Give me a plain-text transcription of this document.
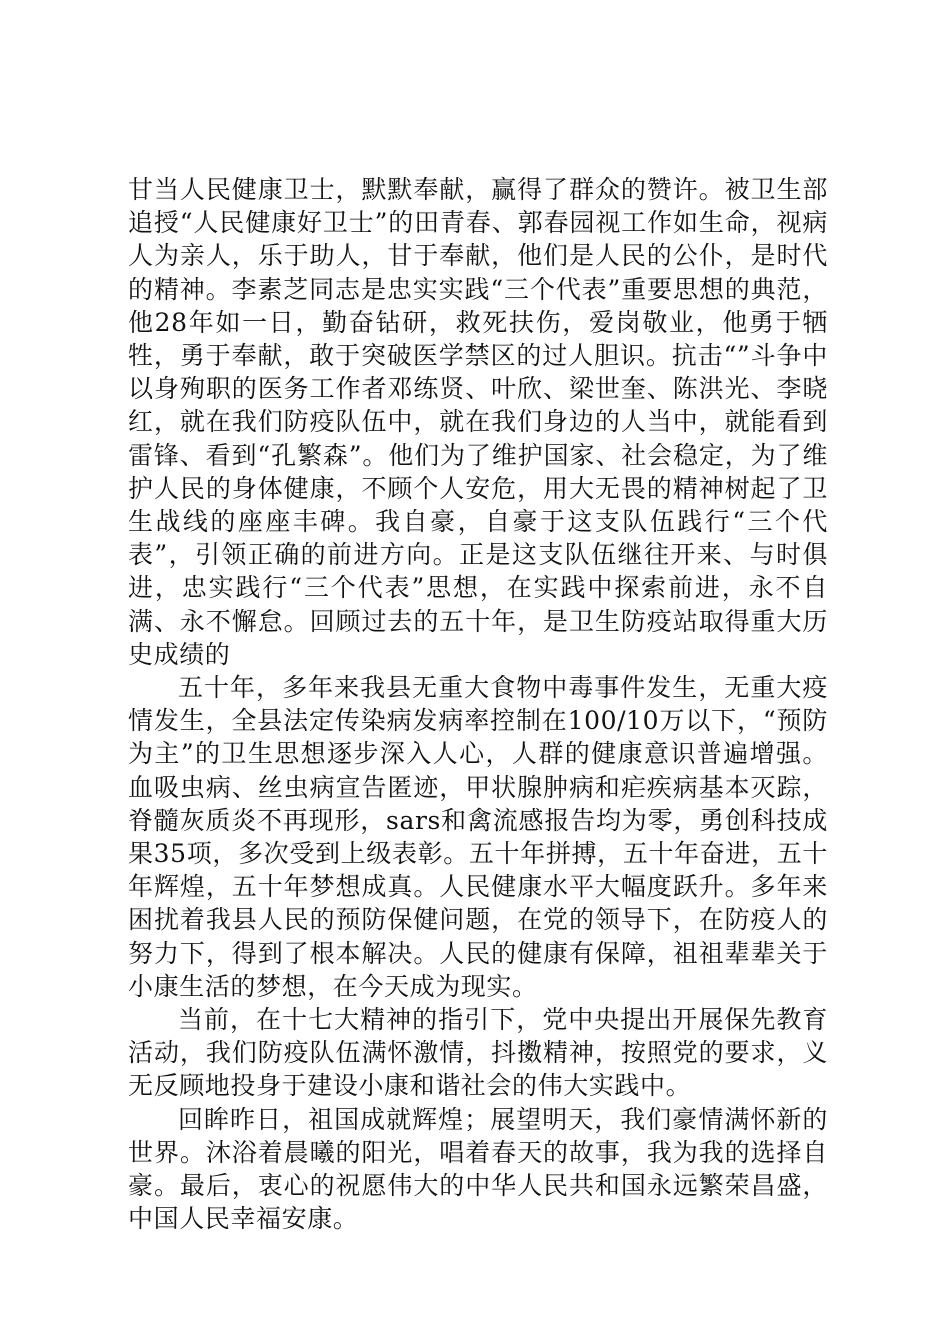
甘当人民健康卫士，默默奉献，赢得了群众的赞许。被卫生部追授“人民健康好卫士”的田青春、郭春园视工作如生命，视病人为亲人，乐于助人，甘于奉献，他们是人民的公仆，是时代的精神。李素芝同志是忠实实践“三个代表”重要思想的典范，他28年如一日，勤奋钻研，救死扶伤，爱岗敬业，他勇于牺牲，勇于奉献，敢于突破医学禁区的过人胆识。抗击“”斗争中以身殉职的医务工作者邓练贤、叶欣、梁世奎、陈洪光、李晓红，就在我们防疫队伍中，就在我们身边的人当中，就能看到雷锋、看到“孔繁森”。他们为了维护国家、社会稳定，为了维护人民的身体健康，不顾个人安危，用大无畏的精神树起了卫生战线的座座丰碑。我自豪，自豪于这支队伍践行“三个代表”，引领正确的前进方向。正是这支队伍继往开来、与时俱进，忠实践行“三个代表”思想，在实践中探索前进，永不自满、永不懈怠。回顾过去的五十年，是卫生防疫站取得重大历史成绩的

五十年，多年来我县无重大食物中毒事件发生，无重大疫情发生，全县法定传染病发病率控制在100/10万以下，“预防为主”的卫生思想逐步深入人心，人群的健康意识普遍增强。血吸虫病、丝虫病宣告匿迹，甲状腺肿病和疟疾病基本灭踪，脊髓灰质炎不再现形，sars和禽流感报告均为零，勇创科技成果35项，多次受到上级表彰。五十年拼搏，五十年奋进，五十年辉煌，五十年梦想成真。人民健康水平大幅度跃升。多年来困扰着我县人民的预防保健问题，在党的领导下，在防疫人的努力下，得到了根本解决。人民的健康有保障，祖祖辈辈关于小康生活的梦想，在今天成为现实。

当前，在十七大精神的指引下，党中央提出开展保先教育活动，我们防疫队伍满怀激情，抖擞精神，按照党的要求，义无反顾地投身于建设小康和谐社会的伟大实践中。

回眸昨日，祖国成就辉煌；展望明天，我们豪情满怀新的世界。沐浴着晨曦的阳光，唱着春天的故事，我为我的选择自豪。最后，衷心的祝愿伟大的中华人民共和国永远繁荣昌盛，中国人民幸福安康。
